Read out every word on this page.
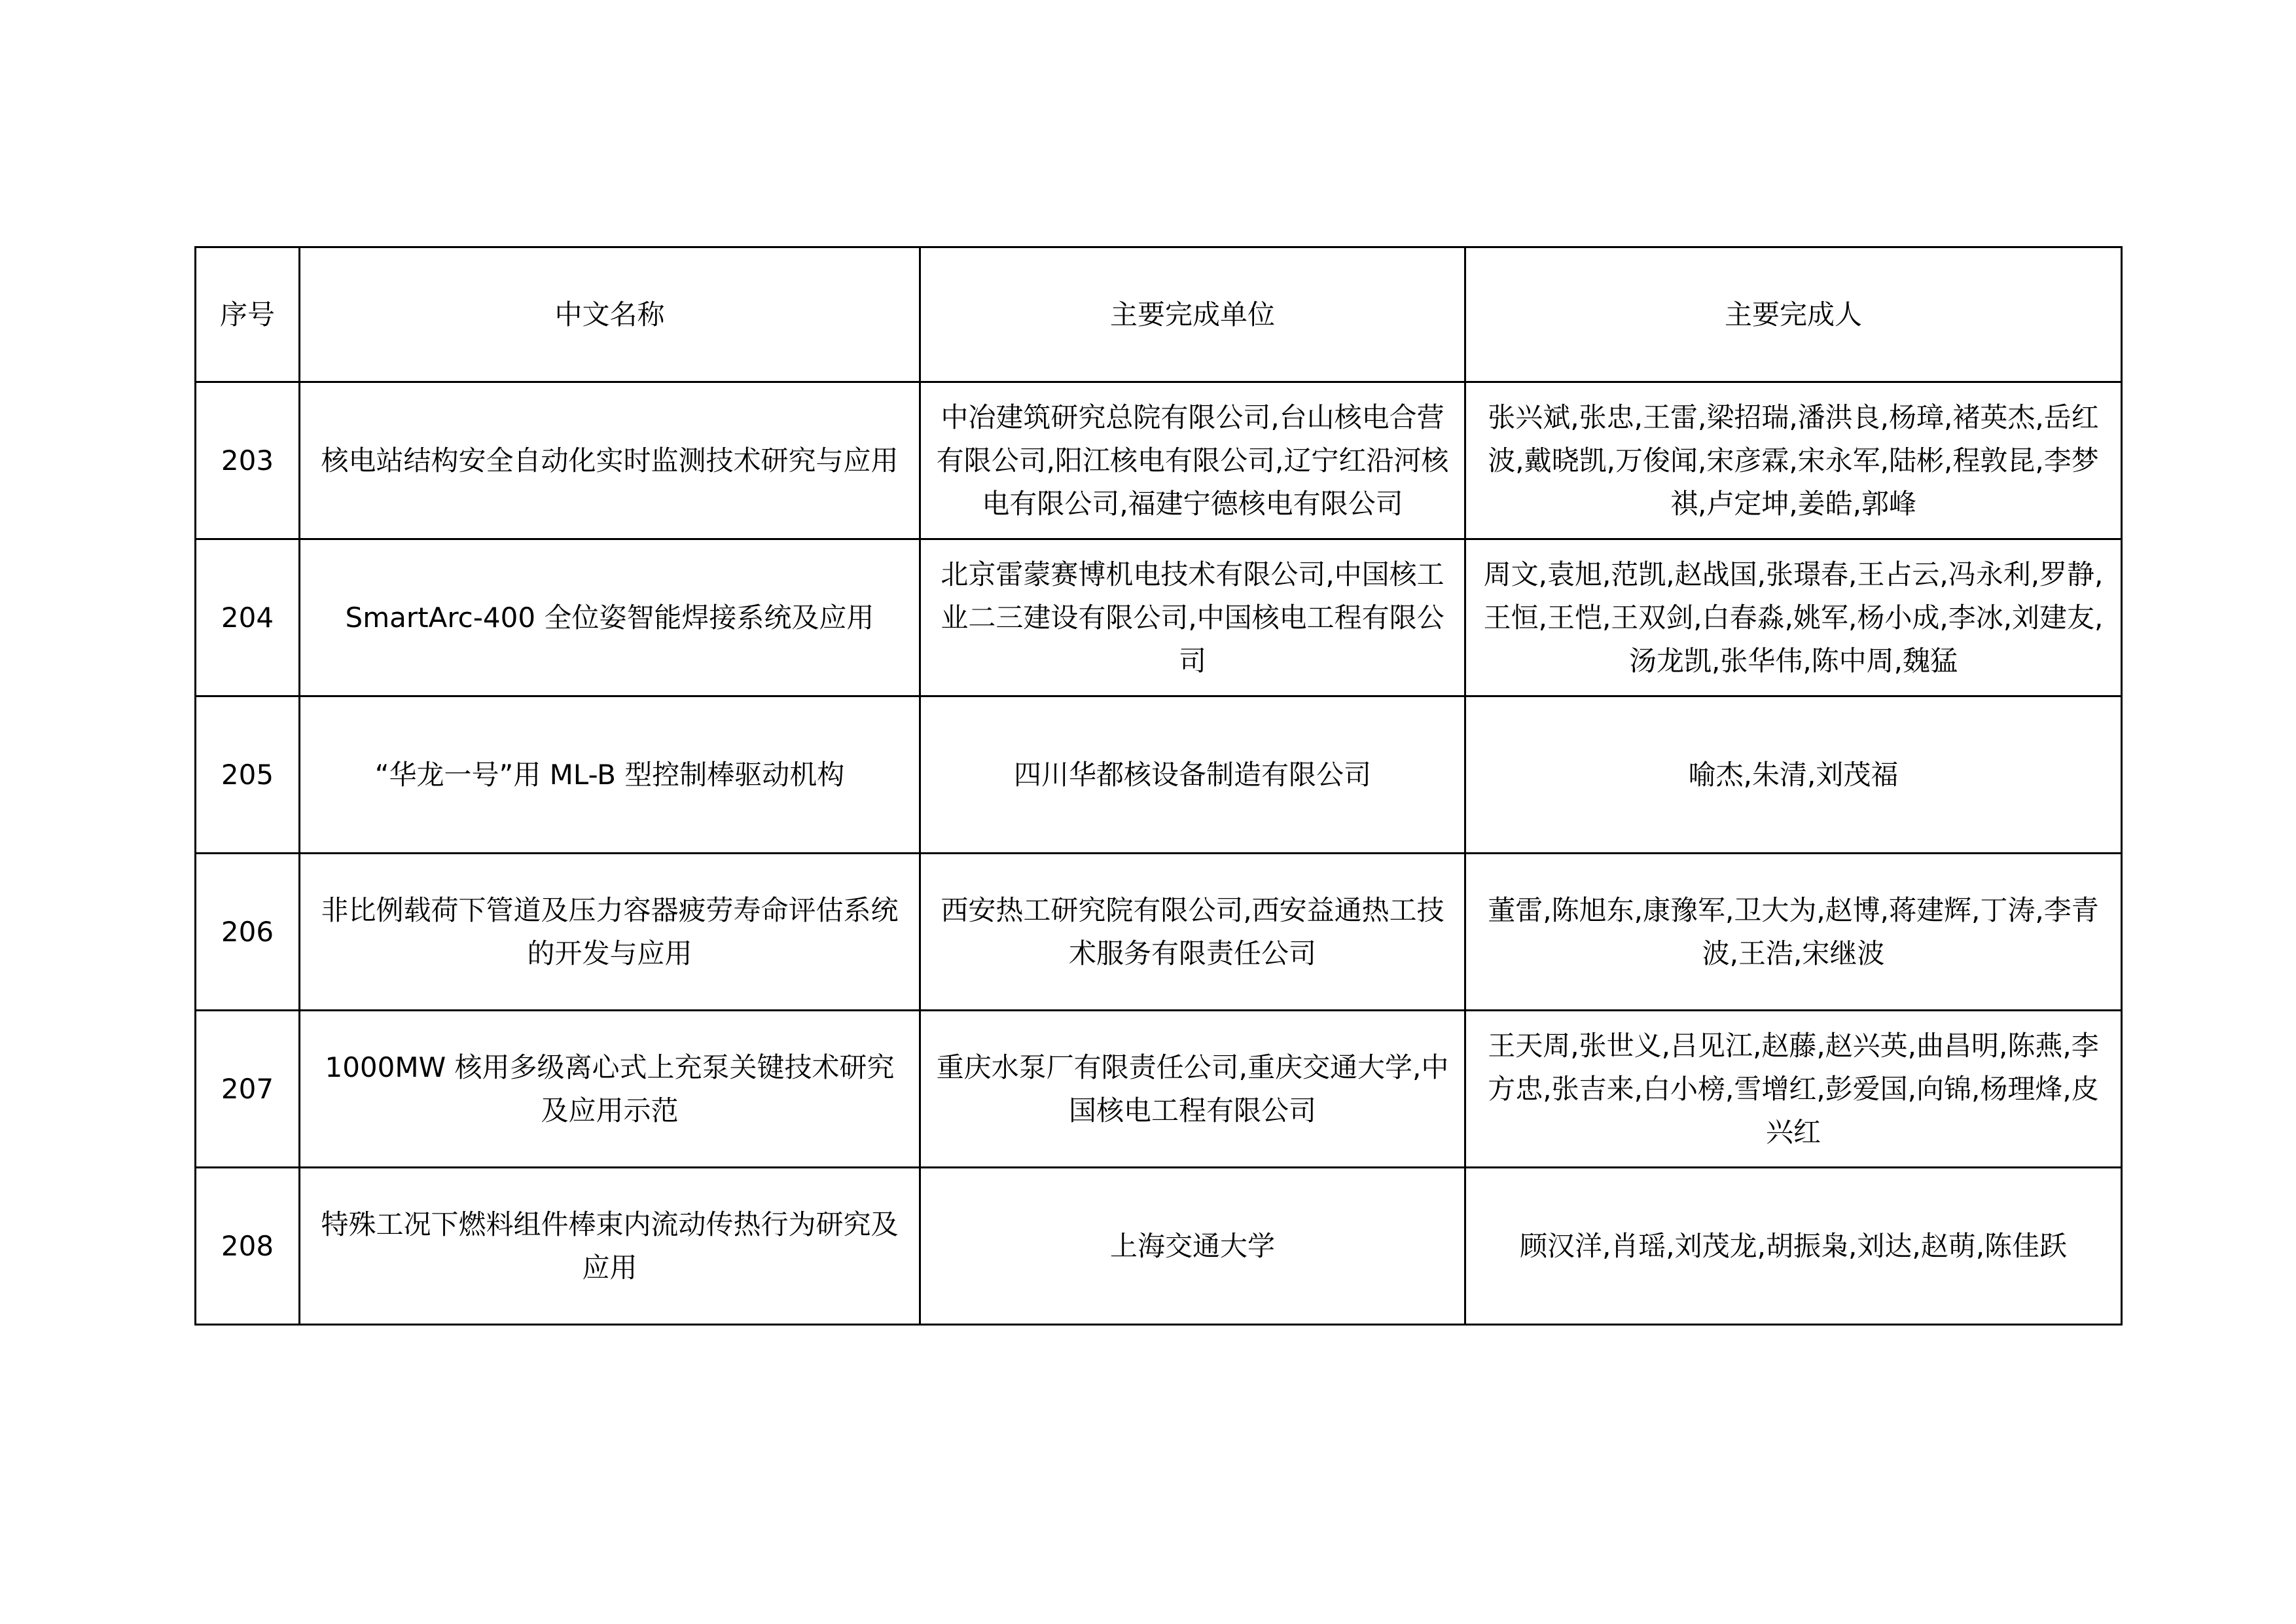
序号	中文名称	主要完成单位	主要完成人
203	核电站结构安全自动化实时监测技术研究与应用	中冶建筑研究总院有限公司,台山核电合营有限公司,阳江核电有限公司,辽宁红沿河核电有限公司,福建宁德核电有限公司	张兴斌,张忠,王雷,梁招瑞,潘洪良,杨璋,褚英杰,岳红波,戴晓凯,万俊闻,宋彦霖,宋永军,陆彬,程敦昆,李梦祺,卢定坤,姜皓,郭峰
204	SmartArc-400 全位姿智能焊接系统及应用	北京雷蒙赛博机电技术有限公司,中国核工业二三建设有限公司,中国核电工程有限公司	周文,袁旭,范凯,赵战国,张璟春,王占云,冯永利,罗静,王恒,王恺,王双剑,白春淼,姚军,杨小成,李冰,刘建友,汤龙凯,张华伟,陈中周,魏猛
205	“华龙一号”用 ML-B 型控制棒驱动机构	四川华都核设备制造有限公司	喻杰,朱清,刘茂福
206	非比例载荷下管道及压力容器疲劳寿命评估系统的开发与应用	西安热工研究院有限公司,西安益通热工技术服务有限责任公司	董雷,陈旭东,康豫军,卫大为,赵博,蒋建辉,丁涛,李青波,王浩,宋继波
207	1000MW 核用多级离心式上充泵关键技术研究及应用示范	重庆水泵厂有限责任公司,重庆交通大学,中国核电工程有限公司	王天周,张世义,吕见江,赵藤,赵兴英,曲昌明,陈燕,李方忠,张吉来,白小榜,雪增红,彭爱国,向锦,杨理烽,皮兴红
208	特殊工况下燃料组件棒束内流动传热行为研究及应用	上海交通大学	顾汉洋,肖瑶,刘茂龙,胡振枭,刘达,赵萌,陈佳跃
